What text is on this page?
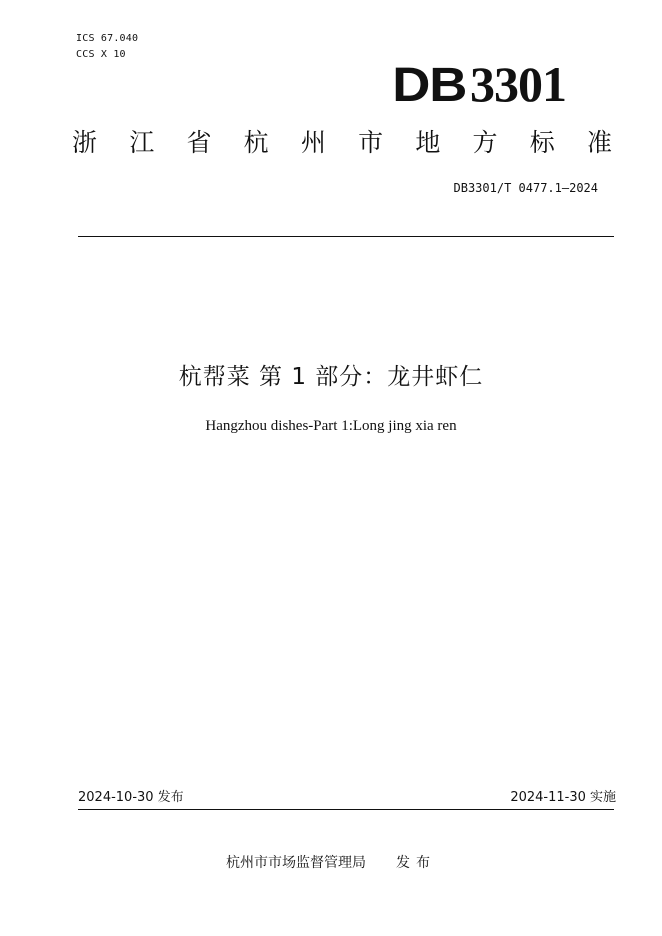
ICS 67.040
CCS X 10
DB3301
浙 江 省 杭 州 市 地 方 标 准
DB3301/T 0477.1—2024
杭帮菜 第 1 部分：龙井虾仁
Hangzhou dishes-Part 1:Long jing xia ren
2024-10-30 发布	2024-11-30 实施
杭州市市场监督管理局 发布
